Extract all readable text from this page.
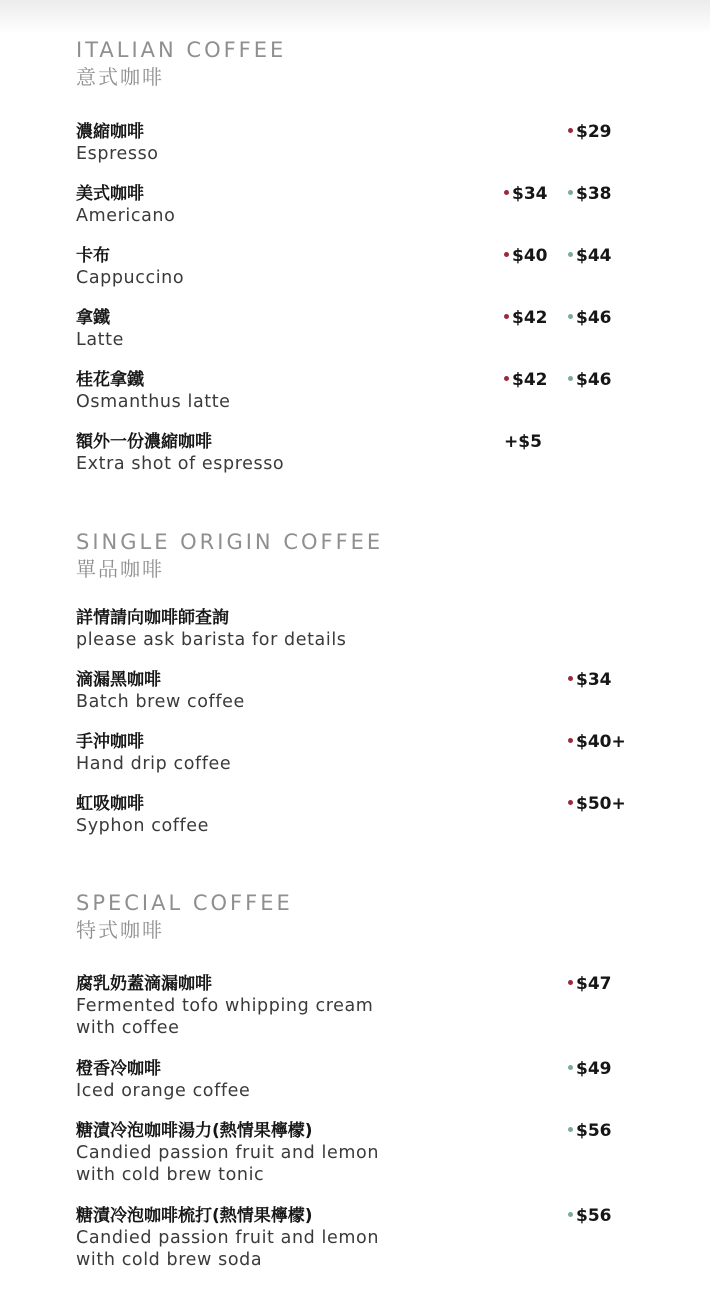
ITALIAN COFFEE
意式咖啡
濃縮咖啡
Espresso
$29
美式咖啡
Americano
$34	$38
卡布
Cappuccino
$40	$44
拿鐵
Latte
$42	$46
桂花拿鐵
Osmanthus latte
$42	$46
額外一份濃縮咖啡
Extra shot of espresso
+$5
SINGLE ORIGIN COFFEE
單品咖啡
詳情請向咖啡師查詢
please ask barista for details
滴漏黑咖啡
Batch brew coffee
$34
手沖咖啡
Hand drip coffee
$40+
虹吸咖啡
Syphon coffee
$50+
SPECIAL COFFEE
特式咖啡
腐乳奶蓋滴漏咖啡
Fermented tofo whipping cream
with coffee
$47
橙香冷咖啡
Iced orange coffee
$49
糖漬冷泡咖啡湯力(熱情果檸檬)
Candied passion fruit and lemon
with cold brew tonic
$56
糖漬冷泡咖啡梳打(熱情果檸檬)
Candied passion fruit and lemon
with cold brew soda
$56
